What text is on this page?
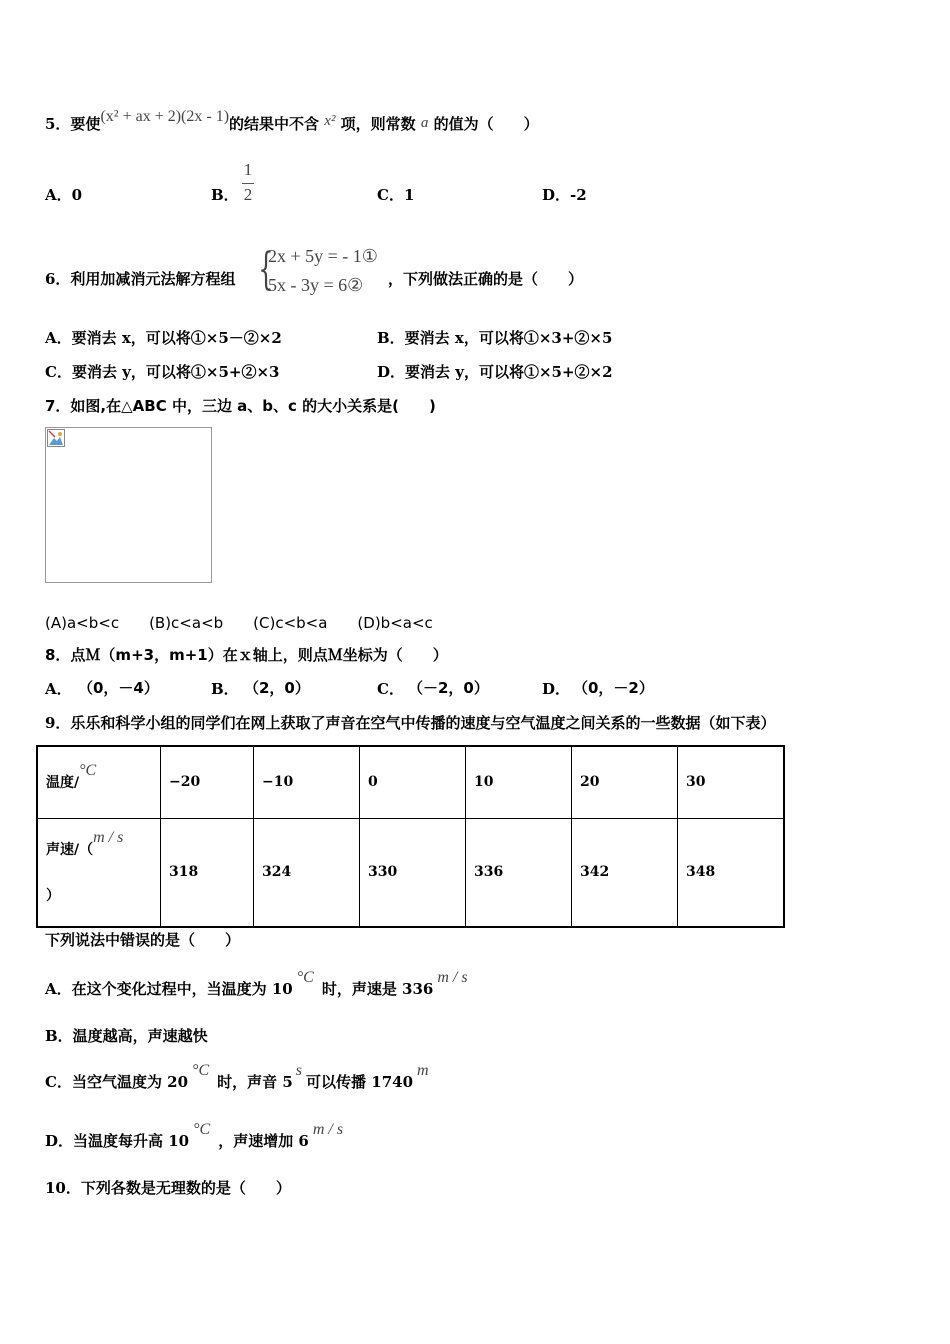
5．要使(x² + ax + 2)(2x - 1)的结果中不含 x² 项，则常数 a 的值为（　　）
A．0	B．
1
2	C．1	D．-2
6．利用加减消元法解方程组 {
2x + 5y = - 1①
5x - 3y = 6② ，下列做法正确的是（　　）
A．要消去 x，可以将①×5－②×2	B．要消去 x，可以将①×3+②×5
C．要消去 y，可以将①×5+②×3	D．要消去 y，可以将①×5+②×2
7．如图,在△ABC 中，三边 a、b、c 的大小关系是(　　)
(A)a<b<c　　(B)c<a<b　　(C)c<b<a　　(D)b<a<c
8．点Ｍ（m+3，m+1）在ｘ轴上，则点Ｍ坐标为（　　）
A． （0，－4）	B． （2，0）	C． （－2，0）	D． （0，－2）
9．乐乐和科学小组的同学们在网上获取了声音在空气中传播的速度与空气温度之间关系的一些数据（如下表）
温度/°C	−20	−10	0	10	20	30

声速/（m / s
）	318	324	330	336	342	348
下列说法中错误的是（　　）
A．在这个变化过程中，当温度为 10°C时，声速是 336m / s
B．温度越高，声速越快
C．当空气温度为 20°C时，声音 5s可以传播 1740m
D．当温度每升高 10°C，声速增加 6m / s
10．下列各数是无理数的是（　　）
